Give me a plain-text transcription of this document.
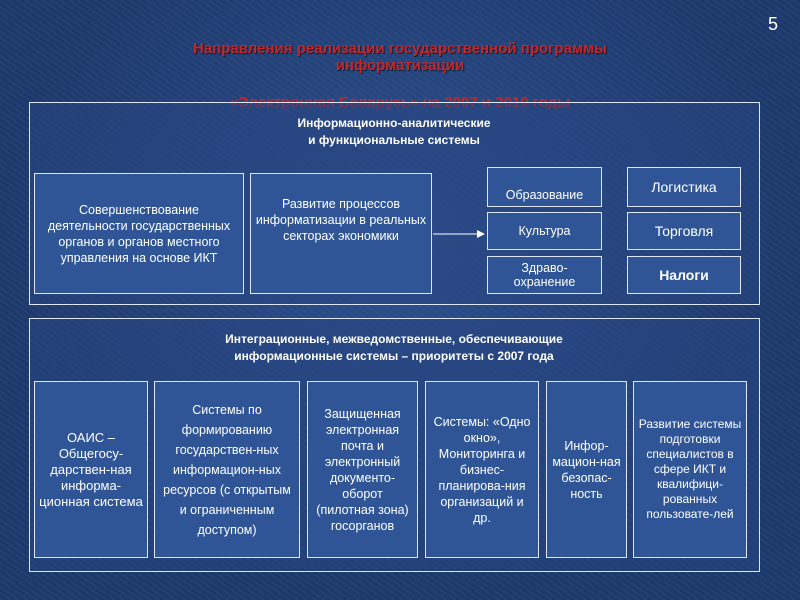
5
Направления реализации государственной программы
информатизации
Информационно-аналитические
и функциональные системы
Совершенствование деятельности государственных органов и органов местного управления на основе ИКТ
Развитие процессов информатизации в реальных секторах экономики
Образование
Культура
Здраво-охранение
Логистика
Торговля
Налоги
Интеграционные, межведомственные, обеспечивающие
информационные системы – приоритеты с 2007 года
ОАИС – Общегосу-дарствен-ная информа-ционная система
Системы по формированию государствен-ных информацион-ных ресурсов (с открытым и ограниченным доступом)
Защищенная электронная почта и электронный документо-оборот (пилотная зона) госорганов
Системы: «Одно окно», Мониторинга и бизнес-планирова-ния организаций и др.
Инфор-мацион-ная безопас-ность
Развитие системы подготовки специалистов в сфере ИКТ и квалифици-рованных пользовате-лей
